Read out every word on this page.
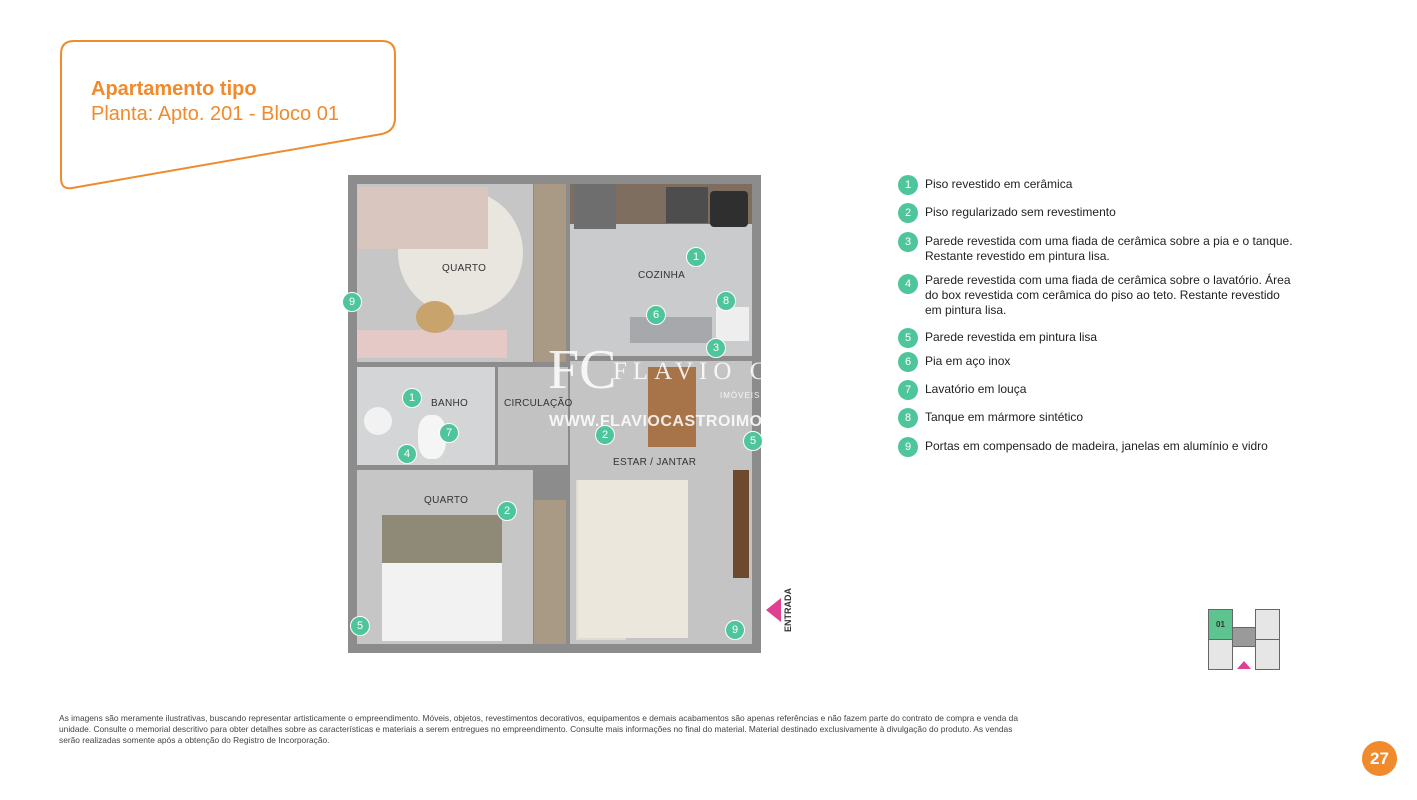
Apartamento tipo
Planta: Apto. 201 - Bloco 01
QUARTO
COZINHA
BANHO	CIRCULAÇÃO
ESTAR / JANTAR
QUARTO
1
9
6
8
3
1
7	2
4
5
2
5	9
FC
FLAVIO CASTRO
IMÓVEIS
WWW.FLAVIOCASTROIMOVEIS
ENTRADA
1	Piso revestido em cerâmica
2	Piso regularizado sem revestimento
3	Parede revestida com uma fiada de cerâmica sobre a pia e o tanque. Restante revestido em pintura lisa.
4	Parede revestida com uma fiada de cerâmica sobre o lavatório. Área do box revestida com cerâmica do piso ao teto. Restante revestido em pintura lisa.
5	Parede revestida em pintura lisa
6	Pia em aço inox
7	Lavatório em louça
8	Tanque em mármore sintético
9	Portas em compensado de madeira, janelas em alumínio e vidro
01
As imagens são meramente ilustrativas, buscando representar artisticamente o empreendimento. Móveis, objetos, revestimentos decorativos, equipamentos e demais acabamentos são apenas referências e não fazem parte do contrato de compra e venda da unidade. Consulte o memorial descritivo para obter detalhes sobre as características e materiais a serem entregues no empreendimento. Consulte mais informações no final do material. Material destinado exclusivamente à divulgação do produto. As vendas serão realizadas somente após a obtenção do Registro de Incorporação.
27
